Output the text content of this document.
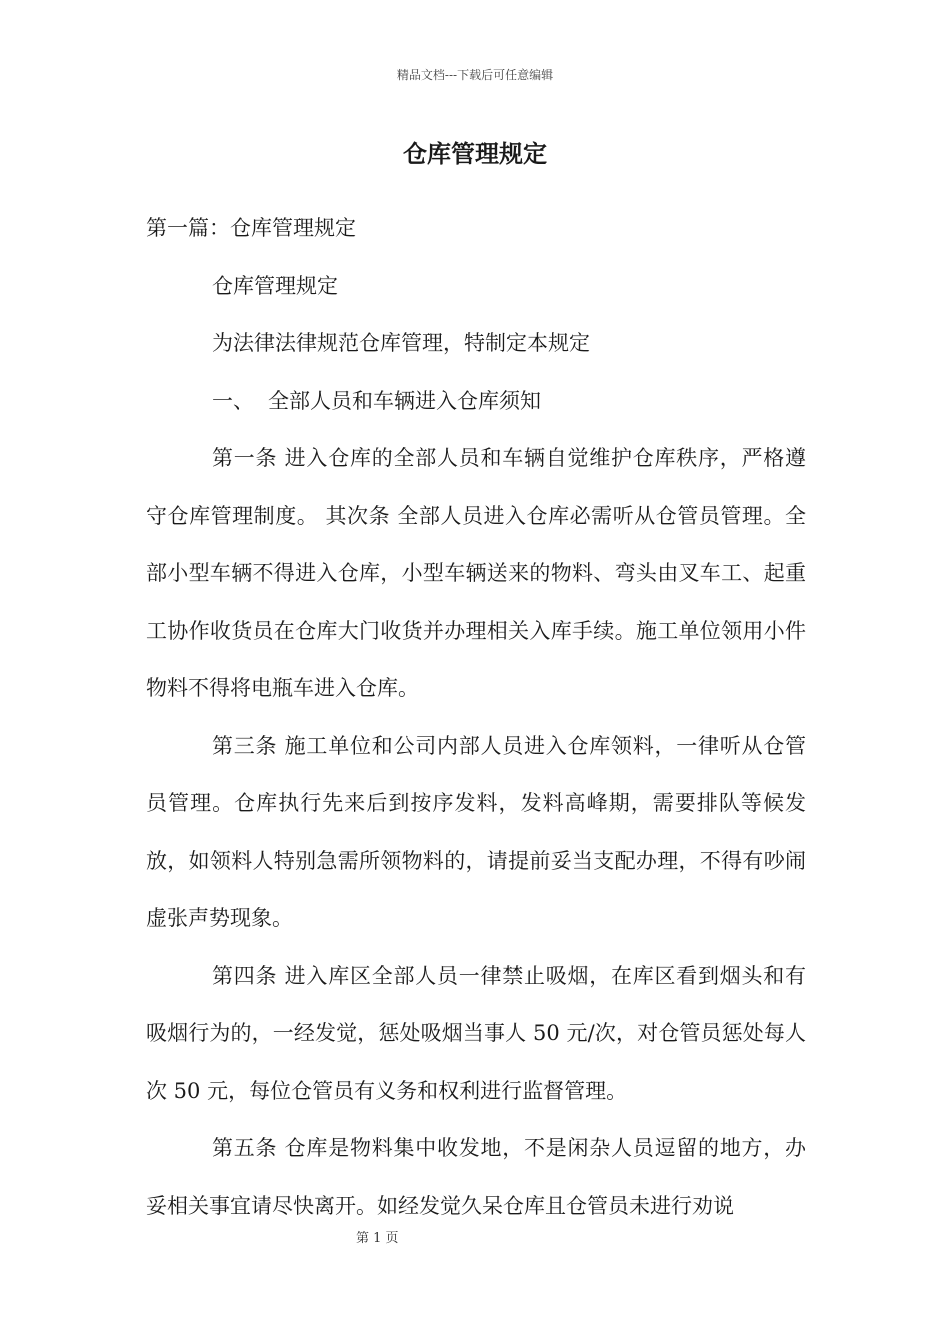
精品文档---下载后可任意编辑
仓库管理规定

第一篇：仓库管理规定

仓库管理规定

为法律法律规范仓库管理，特制定本规定

一、 全部人员和车辆进入仓库须知

第一条 进入仓库的全部人员和车辆自觉维护仓库秩序，严格遵守仓库管理制度。 其次条 全部人员进入仓库必需听从仓管员管理。全部小型车辆不得进入仓库，小型车辆送来的物料、弯头由叉车工、起重工协作收货员在仓库大门收货并办理相关入库手续。施工单位领用小件物料不得将电瓶车进入仓库。

第三条 施工单位和公司内部人员进入仓库领料，一律听从仓管员管理。仓库执行先来后到按序发料，发料高峰期，需要排队等候发放，如领料人特别急需所领物料的，请提前妥当支配办理，不得有吵闹虚张声势现象。

第四条 进入库区全部人员一律禁止吸烟，在库区看到烟头和有吸烟行为的，一经发觉，惩处吸烟当事人 50 元/次，对仓管员惩处每人次 50 元，每位仓管员有义务和权利进行监督管理。

第五条 仓库是物料集中收发地，不是闲杂人员逗留的地方，办妥相关事宜请尽快离开。如经发觉久呆仓库且仓管员未进行劝说

第 1 页
